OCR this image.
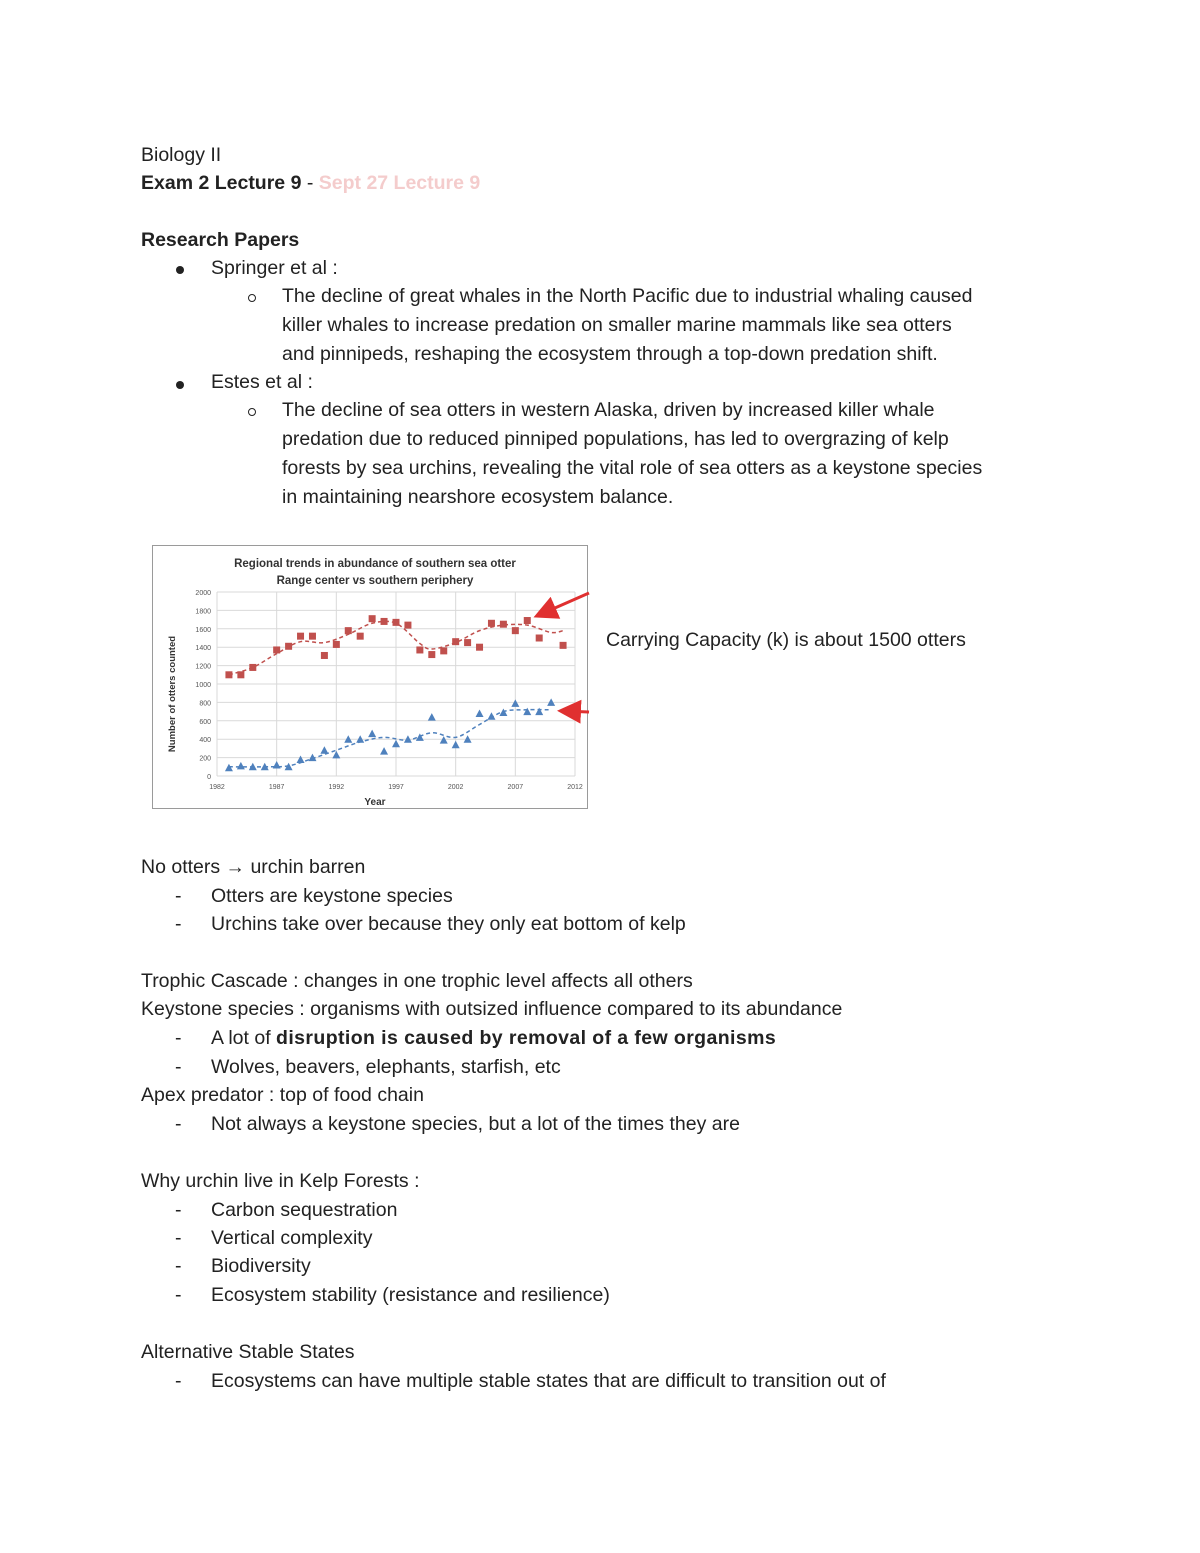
Biology II
Exam 2 Lecture 9 - Sept 27 Lecture 9
Research Papers
Springer et al :
The decline of great whales in the North Pacific due to industrial whaling caused
killer whales to increase predation on smaller marine mammals like sea otters
and pinnipeds, reshaping the ecosystem through a top-down predation shift.
Estes et al :
The decline of sea otters in western Alaska, driven by increased killer whale
predation due to reduced pinniped populations, has led to overgrazing of kelp
forests by sea urchins, revealing the vital role of sea otters as a keystone species
in maintaining nearshore ecosystem balance.
Regional trends in abundance of southern sea otter
Range center vs southern periphery
Year
Number of otters counted
0
200
400
600
800
1000
1200
1400
1600
1800
2000
1982	1987	1992	1997	2002	2007	2012
Carrying Capacity (k) is about 1500 otters
No otters → urchin barren
- Otters are keystone species
- Urchins take over because they only eat bottom of kelp
Trophic Cascade : changes in one trophic level affects all others
Keystone species : organisms with outsized influence compared to its abundance
- A lot of disruption is caused by removal of a few organisms
- Wolves, beavers, elephants, starfish, etc
Apex predator : top of food chain
- Not always a keystone species, but a lot of the times they are
Why urchin live in Kelp Forests :
- Carbon sequestration
- Vertical complexity
- Biodiversity
- Ecosystem stability (resistance and resilience)
Alternative Stable States
- Ecosystems can have multiple stable states that are difficult to transition out of
